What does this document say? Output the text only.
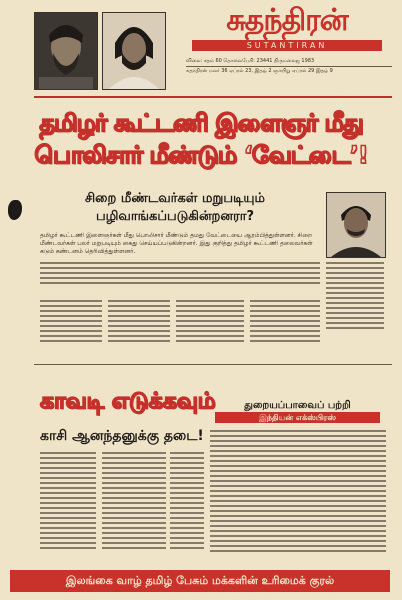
சுதந்திரன்
SUTANTIRAN
விலை: சதம் 60 தொலைபேசி: 23441 திருமலைஜ 1983
சுதந்திரன் மலர் 36 ஏப்ரல் 23, இதழ் 2 ஞாயிறு ஏப்ரல் 29 இதழ் 9
தமிழர் கூட்டணி இளைஞர் மீது
பொலிசார் மீண்டும் ‘வேட்டை’!
சிறை மீண்டவர்கள் மறுபடியும்
பழிவாங்கப்படுகின்றனரா?
தமிழர் கூட்டணி இளைஞர்கள் மீது பொலிசார் மீண்டும் தமது வேட்டையை ஆரம்பித்துள்ளனர். சிறை மீண்டவர்கள் பலர் மறுபடியும் கைது செய்யப்படுகின்றனர். இது குறித்து தமிழர் கூட்டணி தலைவர்கள் கடும் கண்டனம் தெரிவித்துள்ளனர்.
காவடி எடுக்கவும்
காசி ஆனந்தனுக்கு தடை!
துறையப்பாவைப் பற்றி
இந்தியன் எக்ஸ்பிரஸ்
இலங்கை வாழ் தமிழ் பேசும் மக்களின் உரிமைக் குரல்
